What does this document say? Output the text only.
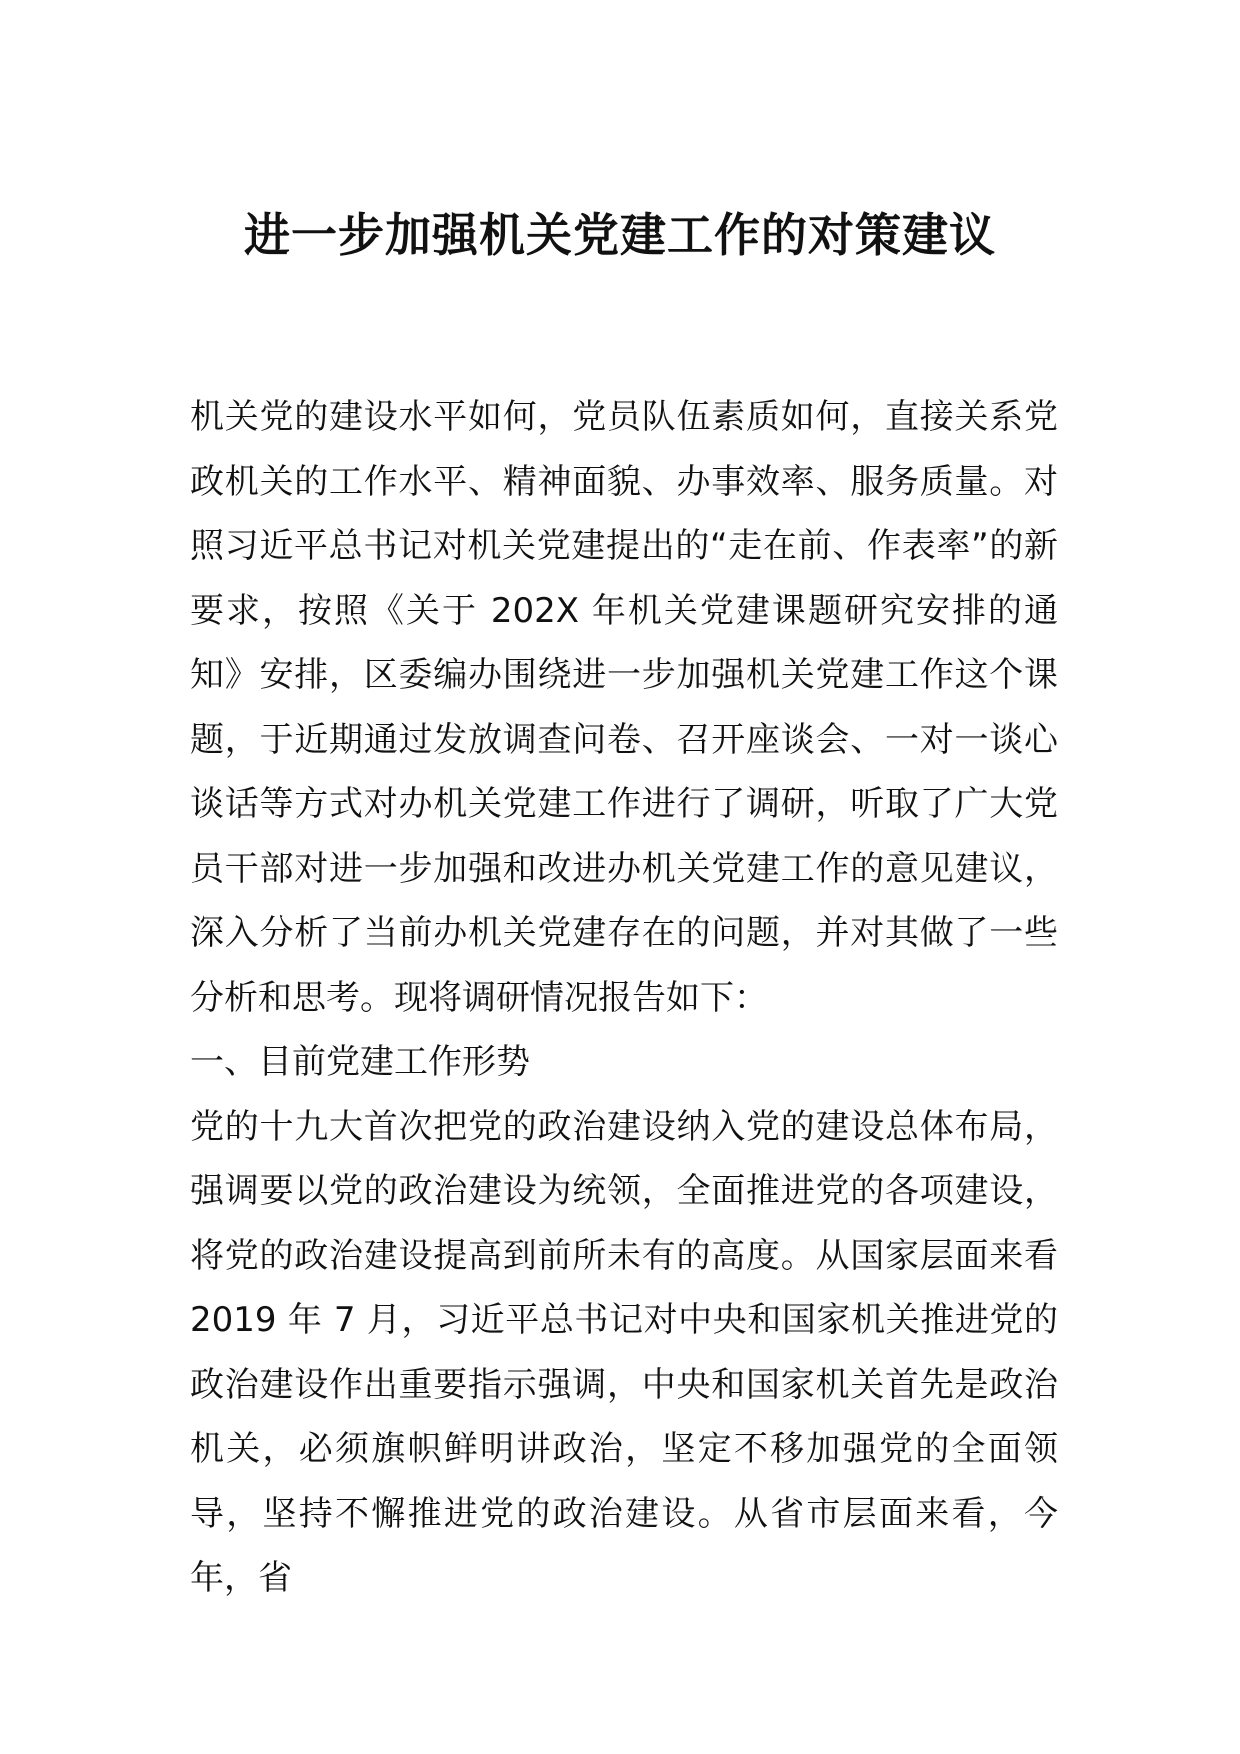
进一步加强机关党建工作的对策建议

机关党的建设水平如何，党员队伍素质如何，直接关系党政机关的工作水平、精神面貌、办事效率、服务质量。对照习近平总书记对机关党建提出的“走在前、作表率”的新要求，按照《关于 202X 年机关党建课题研究安排的通知》安排，区委编办围绕进一步加强机关党建工作这个课题，于近期通过发放调查问卷、召开座谈会、一对一谈心谈话等方式对办机关党建工作进行了调研，听取了广大党员干部对进一步加强和改进办机关党建工作的意见建议，深入分析了当前办机关党建存在的问题，并对其做了一些分析和思考。现将调研情况报告如下：

一、目前党建工作形势

党的十九大首次把党的政治建设纳入党的建设总体布局，强调要以党的政治建设为统领，全面推进党的各项建设，将党的政治建设提高到前所未有的高度。从国家层面来看 2019 年 7 月，习近平总书记对中央和国家机关推进党的政治建设作出重要指示强调，中央和国家机关首先是政治机关，必须旗帜鲜明讲政治，坚定不移加强党的全面领导，坚持不懈推进党的政治建设。从省市层面来看，今年，省
